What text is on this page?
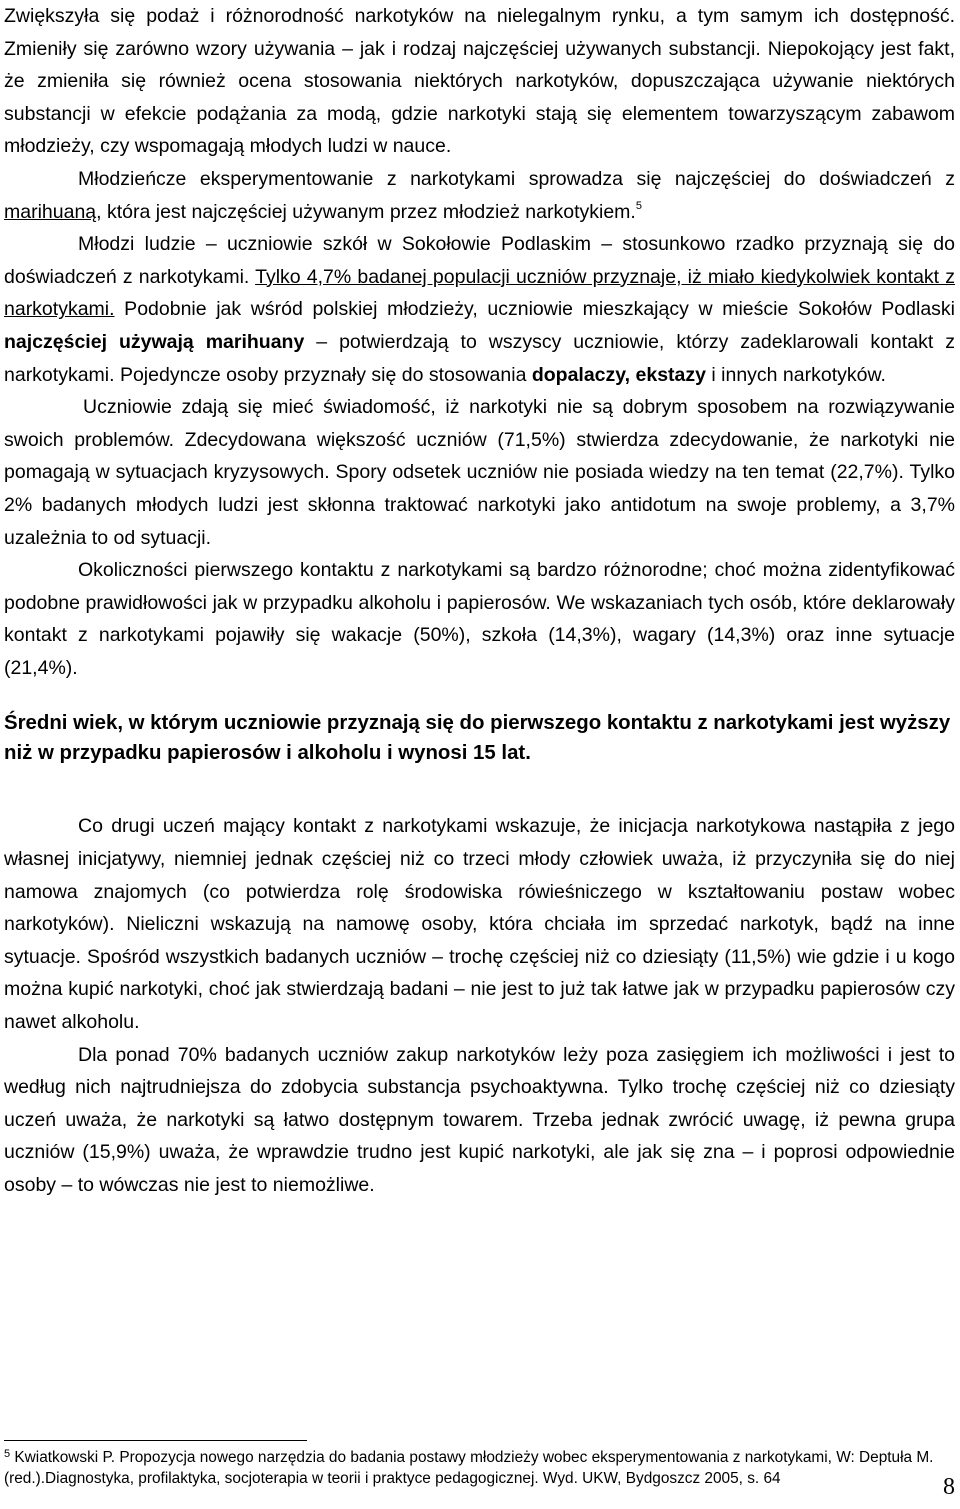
Zwiększyła się podaż i różnorodność narkotyków na nielegalnym rynku, a tym samym ich dostępność. Zmieniły się zarówno wzory używania – jak i rodzaj najczęściej używanych substancji. Niepokojący jest fakt, że zmieniła się również ocena stosowania niektórych narkotyków, dopuszczająca używanie niektórych substancji w efekcie podążania za modą, gdzie narkotyki stają się elementem towarzyszącym zabawom młodzieży, czy wspomagają młodych ludzi w nauce.

Młodzieńcze eksperymentowanie z narkotykami sprowadza się najczęściej do doświadczeń z marihuaną, która jest najczęściej używanym przez młodzież narkotykiem.$^5$

Młodzi ludzie – uczniowie szkół w Sokołowie Podlaskim – stosunkowo rzadko przyznają się do doświadczeń z narkotykami. Tylko 4,7% badanej populacji uczniów przyznaje, iż miało kiedykolwiek kontakt z narkotykami. Podobnie jak wśród polskiej młodzieży, uczniowie mieszkający w mieście Sokołów Podlaski najczęściej używają marihuany – potwierdzają to wszyscy uczniowie, którzy zadeklarowali kontakt z narkotykami. Pojedyncze osoby przyznały się do stosowania dopalaczy, ekstazy i innych narkotyków.

Uczniowie zdają się mieć świadomość, iż narkotyki nie są dobrym sposobem na rozwiązywanie swoich problemów. Zdecydowana większość uczniów (71,5%) stwierdza zdecydowanie, że narkotyki nie pomagają w sytuacjach kryzysowych. Spory odsetek uczniów nie posiada wiedzy na ten temat (22,7%). Tylko 2% badanych młodych ludzi jest skłonna traktować narkotyki jako antidotum na swoje problemy, a 3,7% uzależnia to od sytuacji.

Okoliczności pierwszego kontaktu z narkotykami są bardzo różnorodne; choć można zidentyfikować podobne prawidłowości jak w przypadku alkoholu i papierosów. We wskazaniach tych osób, które deklarowały kontakt z narkotykami pojawiły się wakacje (50%), szkoła (14,3%), wagary (14,3%) oraz inne sytuacje (21,4%).

Średni wiek, w którym uczniowie przyznają się do pierwszego kontaktu z narkotykami jest wyższy niż w przypadku papierosów i alkoholu i wynosi 15 lat.

Co drugi uczeń mający kontakt z narkotykami wskazuje, że inicjacja narkotykowa nastąpiła z jego własnej inicjatywy, niemniej jednak częściej niż co trzeci młody człowiek uważa, iż przyczyniła się do niej namowa znajomych (co potwierdza rolę środowiska rówieśniczego w kształtowaniu postaw wobec narkotyków). Nieliczni wskazują na namowę osoby, która chciała im sprzedać narkotyk, bądź na inne sytuacje. Spośród wszystkich badanych uczniów – trochę częściej niż co dziesiąty (11,5%) wie gdzie i u kogo można kupić narkotyki, choć jak stwierdzają badani – nie jest to już tak łatwe jak w przypadku papierosów czy nawet alkoholu.

Dla ponad 70% badanych uczniów zakup narkotyków leży poza zasięgiem ich możliwości i jest to według nich najtrudniejsza do zdobycia substancja psychoaktywna. Tylko trochę częściej niż co dziesiąty uczeń uważa, że narkotyki są łatwo dostępnym towarem. Trzeba jednak zwrócić uwagę, iż pewna grupa uczniów (15,9%) uważa, że wprawdzie trudno jest kupić narkotyki, ale jak się zna – i poprosi odpowiednie osoby – to wówczas nie jest to niemożliwe.

$^5$ Kwiatkowski P. Propozycja nowego narzędzia do badania postawy młodzieży wobec eksperymentowania z narkotykami, W: Deptuła M. (red.).Diagnostyka, profilaktyka, socjoterapia w teorii i praktyce pedagogicznej. Wyd. UKW, Bydgoszcz 2005, s. 64	8
